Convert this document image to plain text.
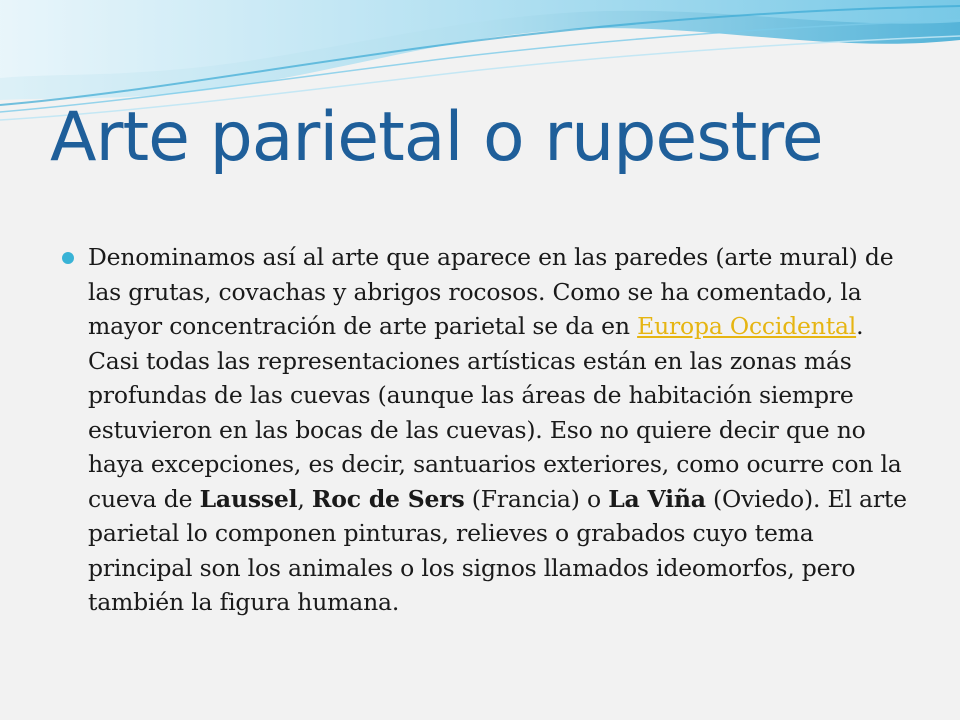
Arte parietal o rupestre

Denominamos así al arte que aparece en las paredes (arte mural) de las grutas, covachas y abrigos rocosos. Como se ha comentado, la mayor concentración de arte parietal se da en Europa Occidental. Casi todas las representaciones artísticas están en las zonas más profundas de las cuevas (aunque las áreas de habitación siempre estuvieron en las bocas de las cuevas). Eso no quiere decir que no haya excepciones, es decir, santuarios exteriores, como ocurre con la cueva de Laussel, Roc de Sers (Francia) o La Viña (Oviedo). El arte parietal lo componen pinturas, relieves o grabados cuyo tema principal son los animales o los signos llamados ideomorfos, pero también la figura humana.
